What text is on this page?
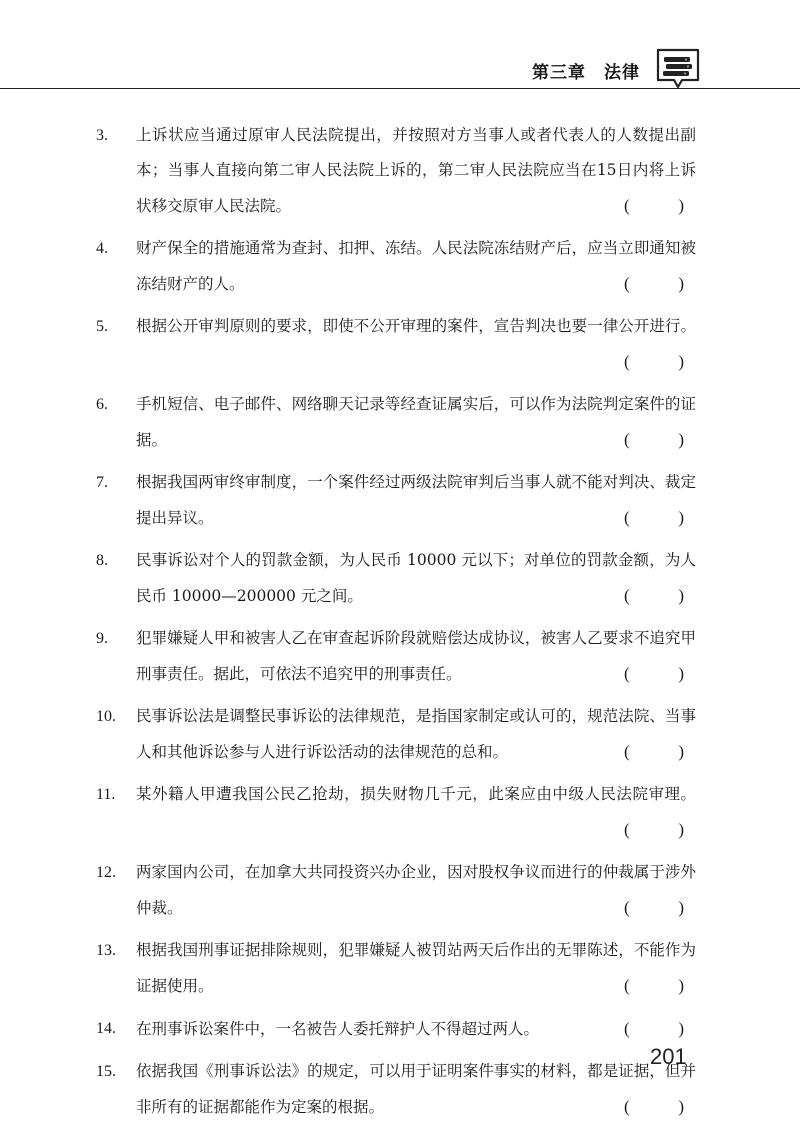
第三章　法律
3.	上诉状应当通过原审人民法院提出，并按照对方当事人或者代表人的人数提出副本；当事人直接向第二审人民法院上诉的，第二审人民法院应当在15日内将上诉状移交原审人民法院。	(	)
4.	财产保全的措施通常为查封、扣押、冻结。人民法院冻结财产后，应当立即通知被冻结财产的人。	(	)
5.	根据公开审判原则的要求，即使不公开审理的案件，宣告判决也要一律公开进行。
(	)
6.	手机短信、电子邮件、网络聊天记录等经查证属实后，可以作为法院判定案件的证据。	(	)
7.	根据我国两审终审制度，一个案件经过两级法院审判后当事人就不能对判决、裁定提出异议。	(	)
8.	民事诉讼对个人的罚款金额，为人民币 10000 元以下；对单位的罚款金额，为人民币 10000—200000 元之间。	(	)
9.	犯罪嫌疑人甲和被害人乙在审查起诉阶段就赔偿达成协议，被害人乙要求不追究甲刑事责任。据此，可依法不追究甲的刑事责任。	(	)
10.	民事诉讼法是调整民事诉讼的法律规范，是指国家制定或认可的，规范法院、当事人和其他诉讼参与人进行诉讼活动的法律规范的总和。	(	)
11.	某外籍人甲遭我国公民乙抢劫，损失财物几千元，此案应由中级人民法院审理。
(	)
12.	两家国内公司，在加拿大共同投资兴办企业，因对股权争议而进行的仲裁属于涉外仲裁。	(	)
13.	根据我国刑事证据排除规则，犯罪嫌疑人被罚站两天后作出的无罪陈述，不能作为证据使用。	(	)
14.	在刑事诉讼案件中，一名被告人委托辩护人不得超过两人。	(	)
15.	依据我国《刑事诉讼法》的规定，可以用于证明案件事实的材料，都是证据，但并非所有的证据都能作为定案的根据。	(	)
201
